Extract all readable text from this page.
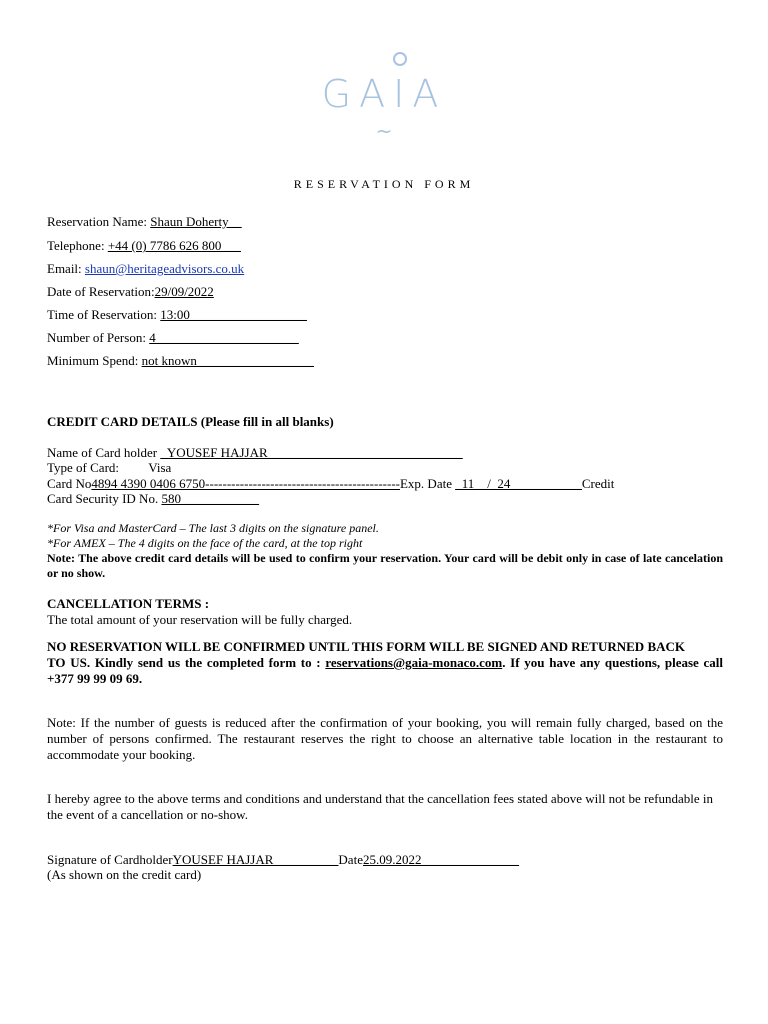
GAIA
~
RESERVATION FORM
Reservation Name: Shaun Doherty__
Telephone: +44 (0) 7786 626 800___
Email: shaun@heritageadvisors.co.uk
Date of Reservation:29/09/2022
Time of Reservation: 13:00__________________
Number of Person: 4______________________
Minimum Spend: not known__________________
CREDIT CARD DETAILS (Please fill in all blanks)
Name of Card holder _YOUSEF HAJJAR______________________________
Type of Card: Visa
Card No4894 4390 0406 6750---------------------------------------------Exp. Date _11__/_24___________Credit
Card Security ID No. 580____________
*For Visa and MasterCard – The last 3 digits on the signature panel.
*For AMEX – The 4 digits on the face of the card, at the top right
Note: The above credit card details will be used to confirm your reservation. Your card will be debit only in case of late cancelation or no show.
CANCELLATION TERMS :
The total amount of your reservation will be fully charged.
NO RESERVATION WILL BE CONFIRMED UNTIL THIS FORM WILL BE SIGNED AND RETURNED BACK
TO US. Kindly send us the completed form to : reservations@gaia-monaco.com. If you have any questions, please call +377 99 99 09 69.
Note: If the number of guests is reduced after the confirmation of your booking, you will remain fully charged, based on the number of persons confirmed. The restaurant reserves the right to choose an alternative table location in the restaurant to accommodate your booking.
I hereby agree to the above terms and conditions and understand that the cancellation fees stated above will not be refundable in the event of a cancellation or no-show.
Signature of CardholderYOUSEF HAJJAR__________Date25.09.2022_______________
(As shown on the credit card)
